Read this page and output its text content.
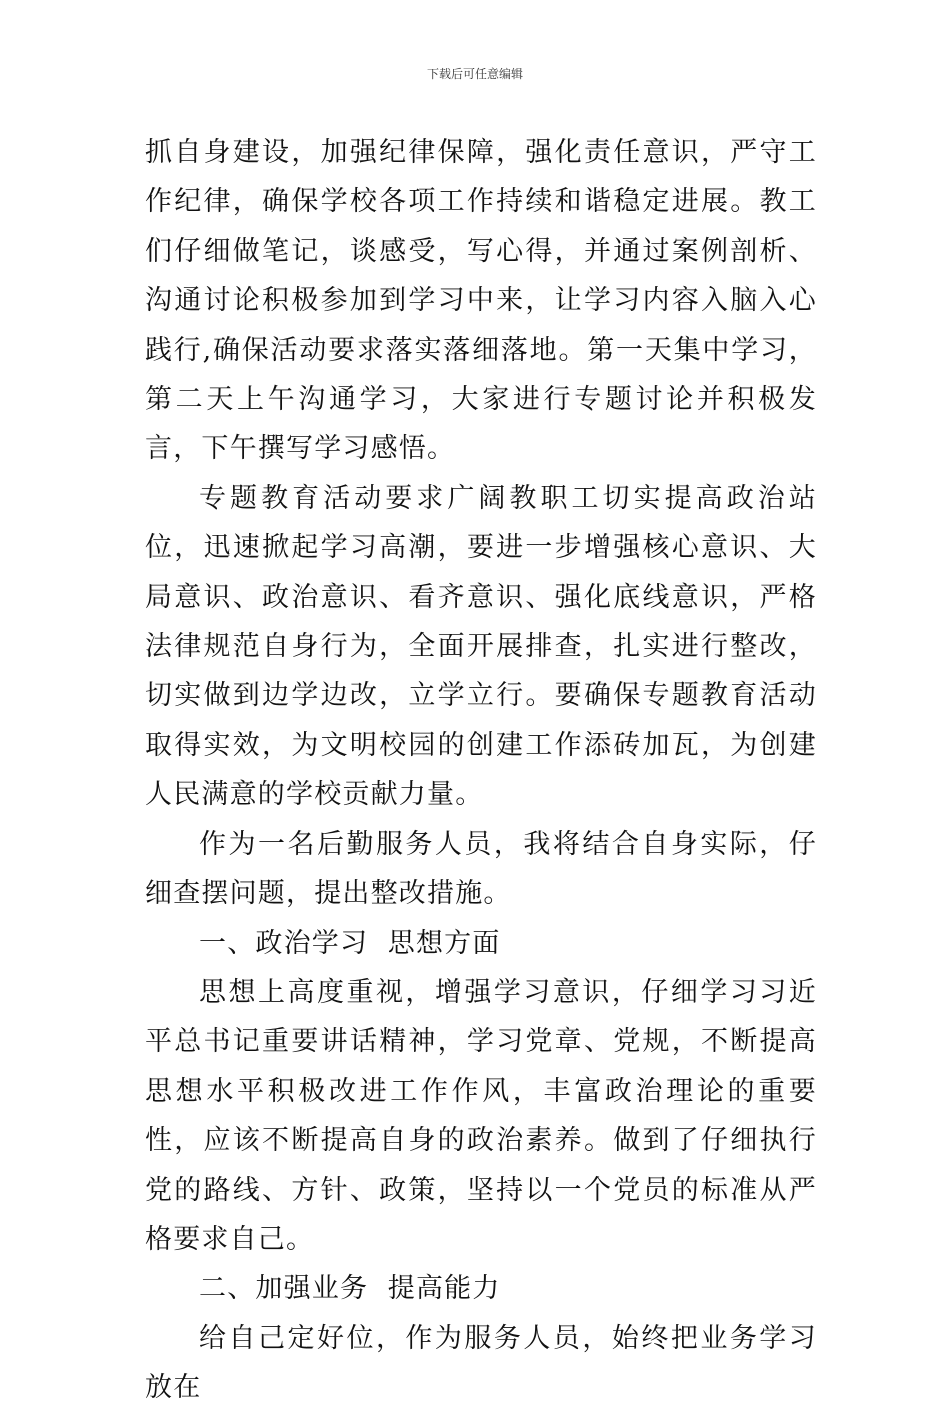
下载后可任意编辑

抓自身建设，加强纪律保障，强化责任意识，严守工作纪律，确保学校各项工作持续和谐稳定进展。教工们仔细做笔记，谈感受，写心得，并通过案例剖析、沟通讨论积极参加到学习中来，让学习内容入脑入心践行,确保活动要求落实落细落地。第一天集中学习，第二天上午沟通学习，大家进行专题讨论并积极发言，下午撰写学习感悟。

专题教育活动要求广阔教职工切实提高政治站位，迅速掀起学习高潮，要进一步增强核心意识、大局意识、政治意识、看齐意识、强化底线意识，严格法律规范自身行为，全面开展排查，扎实进行整改，切实做到边学边改，立学立行。要确保专题教育活动取得实效，为文明校园的创建工作添砖加瓦，为创建人民满意的学校贡献力量。

作为一名后勤服务人员，我将结合自身实际，仔细查摆问题，提出整改措施。

一、政治学习  思想方面

思想上高度重视，增强学习意识，仔细学习习近平总书记重要讲话精神，学习党章、党规，不断提高思想水平积极改进工作作风，丰富政治理论的重要性，应该不断提高自身的政治素养。做到了仔细执行党的路线、方针、政策，坚持以一个党员的标准从严格要求自己。

二、加强业务  提高能力

给自己定好位，作为服务人员，始终把业务学习放在
